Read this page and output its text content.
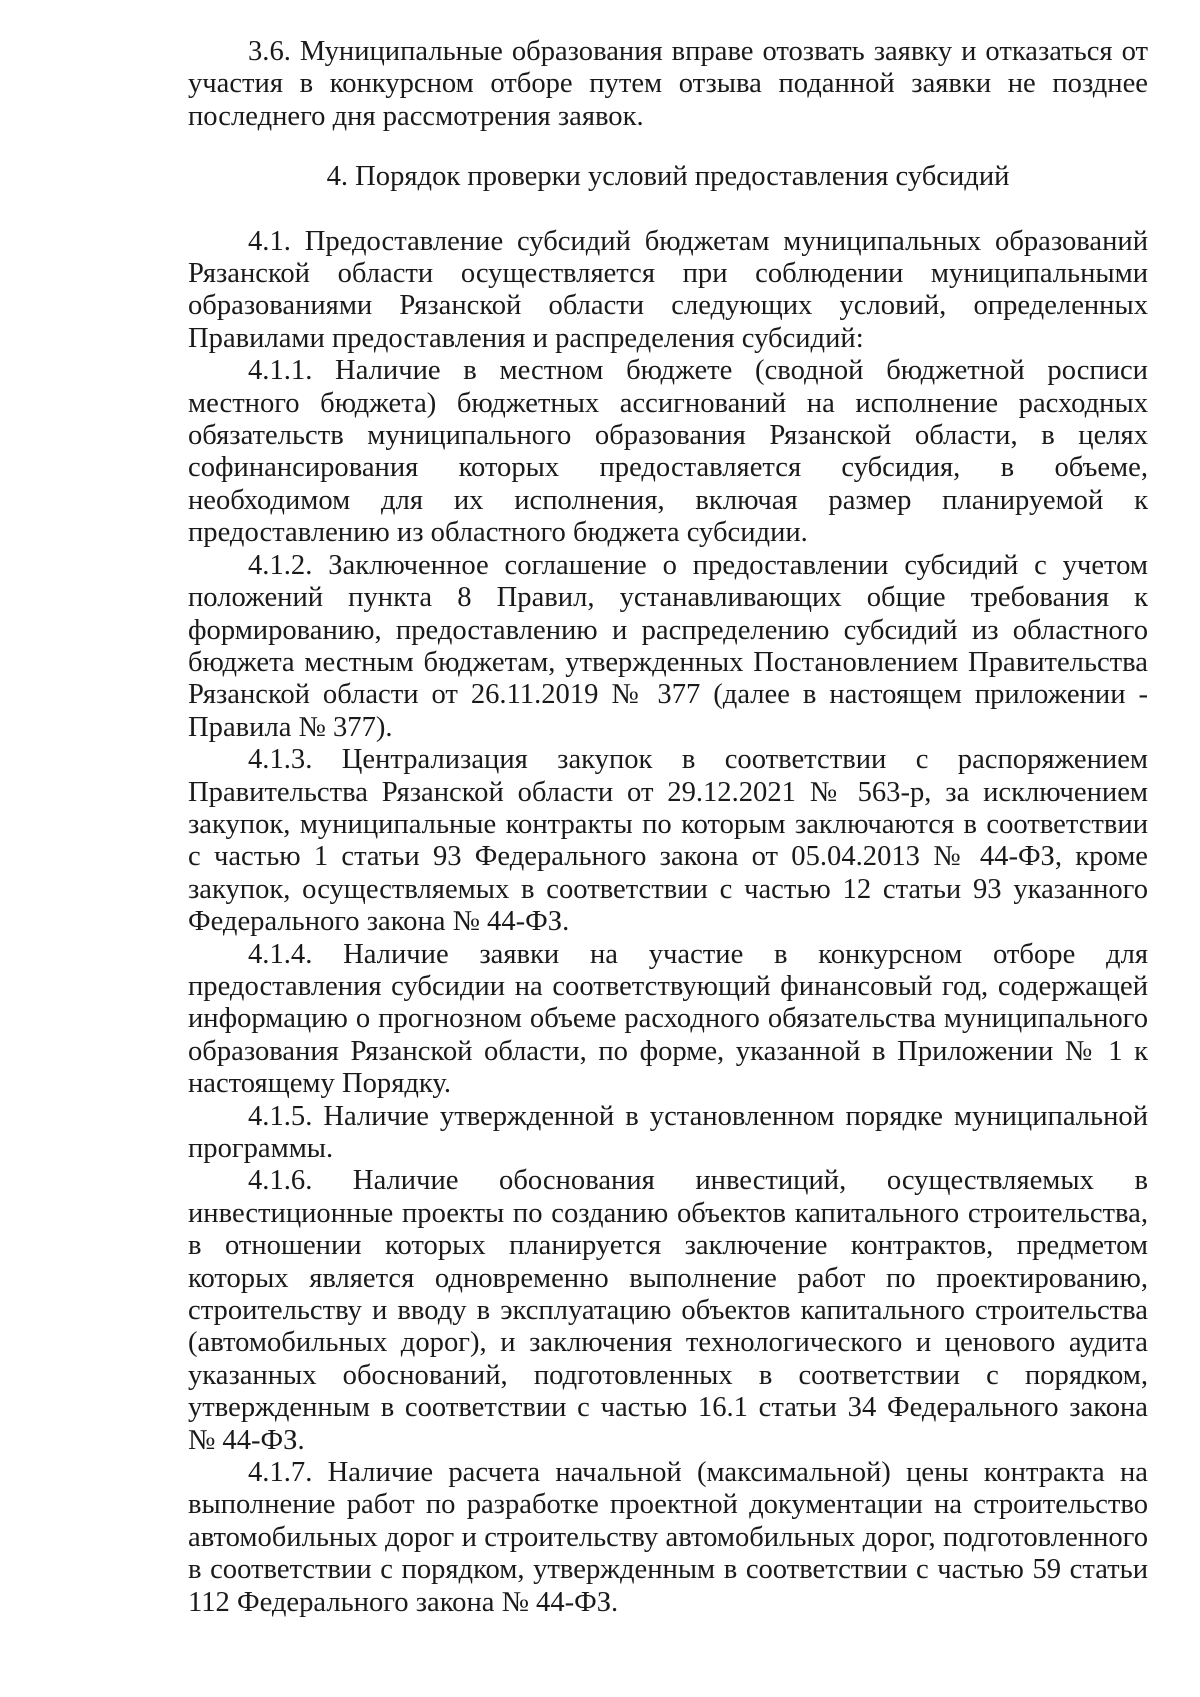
3.6. Муниципальные образования вправе отозвать заявку и отказаться от участия в конкурсном отборе путем отзыва поданной заявки не позднее последнего дня рассмотрения заявок.

4. Порядок проверки условий предоставления субсидий

4.1. Предоставление субсидий бюджетам муниципальных образований Рязанской области осуществляется при соблюдении муниципальными образованиями Рязанской области следующих условий, определенных Правилами предоставления и распределения субсидий:

4.1.1. Наличие в местном бюджете (сводной бюджетной росписи местного бюджета) бюджетных ассигнований на исполнение расходных обязательств муниципального образования Рязанской области, в целях софинансирования которых предоставляется субсидия, в объеме, необходимом для их исполнения, включая размер планируемой к предоставлению из областного бюджета субсидии.

4.1.2. Заключенное соглашение о предоставлении субсидий с учетом положений пункта 8 Правил, устанавливающих общие требования к формированию, предоставлению и распределению субсидий из областного бюджета местным бюджетам, утвержденных Постановлением Правительства Рязанской области от 26.11.2019 № 377 (далее в настоящем приложении - Правила № 377).

4.1.3. Централизация закупок в соответствии с распоряжением Правительства Рязанской области от 29.12.2021 № 563-р, за исключением закупок, муниципальные контракты по которым заключаются в соответствии с частью 1 статьи 93 Федерального закона от 05.04.2013 № 44-ФЗ, кроме закупок, осуществляемых в соответствии с частью 12 статьи 93 указанного Федерального закона № 44-ФЗ.

4.1.4. Наличие заявки на участие в конкурсном отборе для предоставления субсидии на соответствующий финансовый год, содержащей информацию о прогнозном объеме расходного обязательства муниципального образования Рязанской области, по форме, указанной в Приложении № 1 к настоящему Порядку.

4.1.5. Наличие утвержденной в установленном порядке муниципальной программы.

4.1.6. Наличие обоснования инвестиций, осуществляемых в инвестиционные проекты по созданию объектов капитального строительства, в отношении которых планируется заключение контрактов, предметом которых является одновременно выполнение работ по проектированию, строительству и вводу в эксплуатацию объектов капитального строительства (автомобильных дорог), и заключения технологического и ценового аудита указанных обоснований, подготовленных в соответствии с порядком, утвержденным в соответствии с частью 16.1 статьи 34 Федерального закона № 44-ФЗ.

4.1.7. Наличие расчета начальной (максимальной) цены контракта на выполнение работ по разработке проектной документации на строительство автомобильных дорог и строительству автомобильных дорог, подготовленного в соответствии с порядком, утвержденным в соответствии с частью 59 статьи 112 Федерального закона № 44-ФЗ.
